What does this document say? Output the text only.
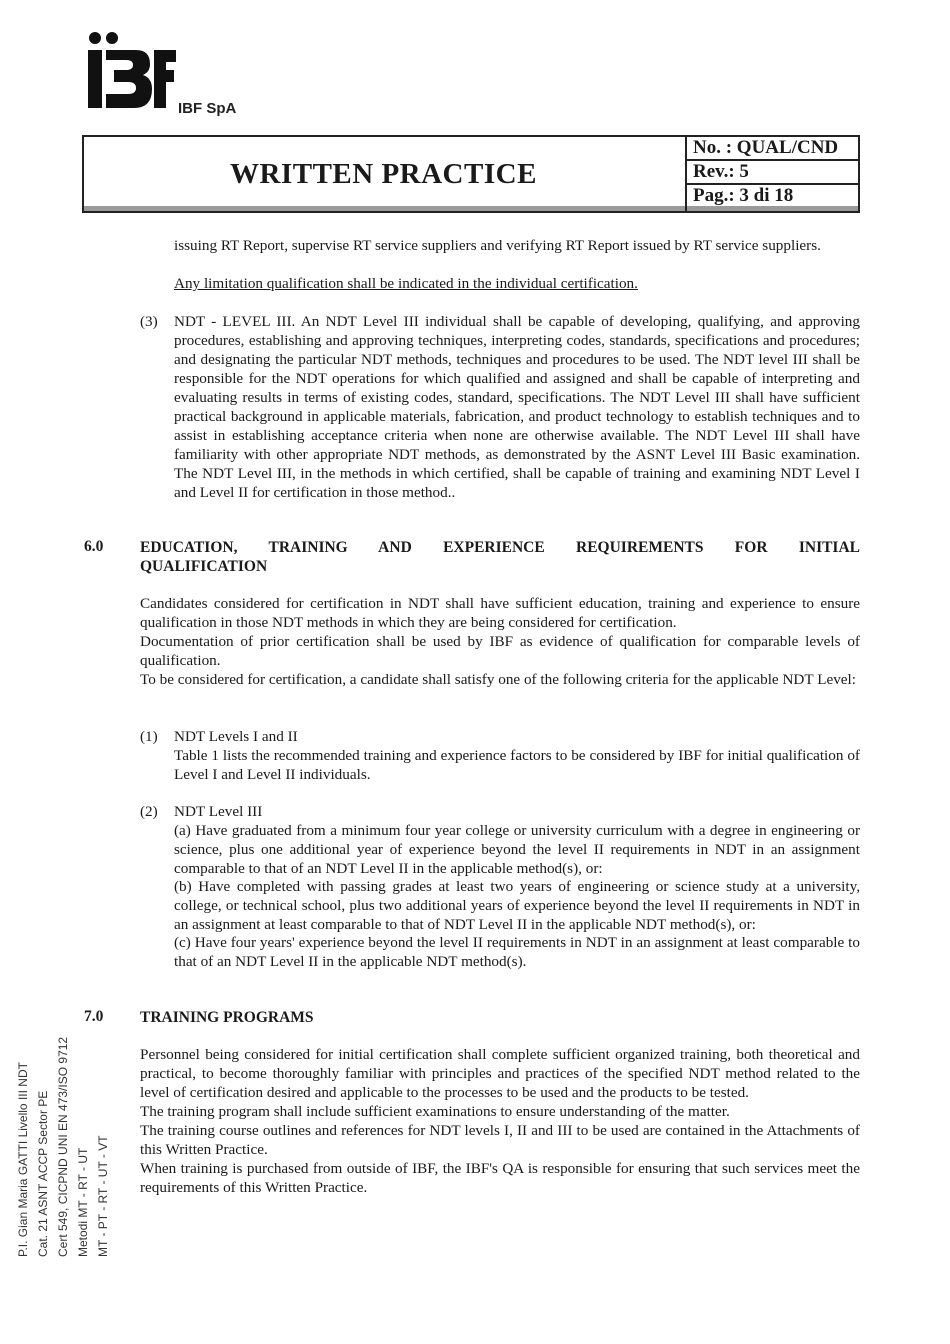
iBF	IBF SpA
WRITTEN PRACTICE
No. : QUAL/CND
Rev.: 5
Pag.: 3 di 18

issuing RT Report, supervise RT service suppliers and verifying RT Report issued by RT service suppliers.

Any limitation qualification shall be indicated in the individual certification.

(3) NDT - LEVEL III. An NDT Level III individual shall be capable of developing, qualifying, and approving procedures, establishing and approving techniques, interpreting codes, standards, specifications and procedures; and designating the particular NDT methods, techniques and procedures to be used. The NDT level III shall be responsible for the NDT operations for which qualified and assigned and shall be capable of interpreting and evaluating results in terms of existing codes, standard, specifications. The NDT Level III shall have sufficient practical background in applicable materials, fabrication, and product technology to establish techniques and to assist in establishing acceptance criteria when none are otherwise available. The NDT Level III shall have familiarity with other appropriate NDT methods, as demonstrated by the ASNT Level III Basic examination. The NDT Level III, in the methods in which certified, shall be capable of training and examining NDT Level I and Level II for certification in those method..

6.0 EDUCATION, TRAINING AND EXPERIENCE REQUIREMENTS FOR INITIAL QUALIFICATION

Candidates considered for certification in NDT shall have sufficient education, training and experience to ensure qualification in those NDT methods in which they are being considered for certification.

Documentation of prior certification shall be used by IBF as evidence of qualification for comparable levels of qualification.

To be considered for certification, a candidate shall satisfy one of the following criteria for the applicable NDT Level:

(1) NDT Levels I and II

Table 1 lists the recommended training and experience factors to be considered by IBF for initial qualification of Level I and Level II individuals.

(2) NDT Level III

(a) Have graduated from a minimum four year college or university curriculum with a degree in engineering or science, plus one additional year of experience beyond the level II requirements in NDT in an assignment comparable to that of an NDT Level II in the applicable method(s), or:

(b) Have completed with passing grades at least two years of engineering or science study at a university, college, or technical school, plus two additional years of experience beyond the level II requirements in NDT in an assignment at least comparable to that of NDT Level II in the applicable NDT method(s), or:

(c) Have four years' experience beyond the level II requirements in NDT in an assignment at least comparable to that of an NDT Level II in the applicable NDT method(s).

7.0 TRAINING PROGRAMS

Personnel being considered for initial certification shall complete sufficient organized training, both theoretical and practical, to become thoroughly familiar with principles and practices of the specified NDT method related to the level of certification desired and applicable to the processes to be used and the products to be tested.

The training program shall include sufficient examinations to ensure understanding of the matter.

The training course outlines and references for NDT levels I, II and III to be used are contained in the Attachments of this Written Practice.

When training is purchased from outside of IBF, the IBF's QA is responsible for ensuring that such services meet the requirements of this Written Practice.

P.I. Gian Maria GATTI Livello III NDT Cat. 21 ASNT ACCP Sector PE Cert 549, CICPND UNI EN 473/ISO 9712 Metodi MT - RT - UT MT - PT - RT - UT - VT
